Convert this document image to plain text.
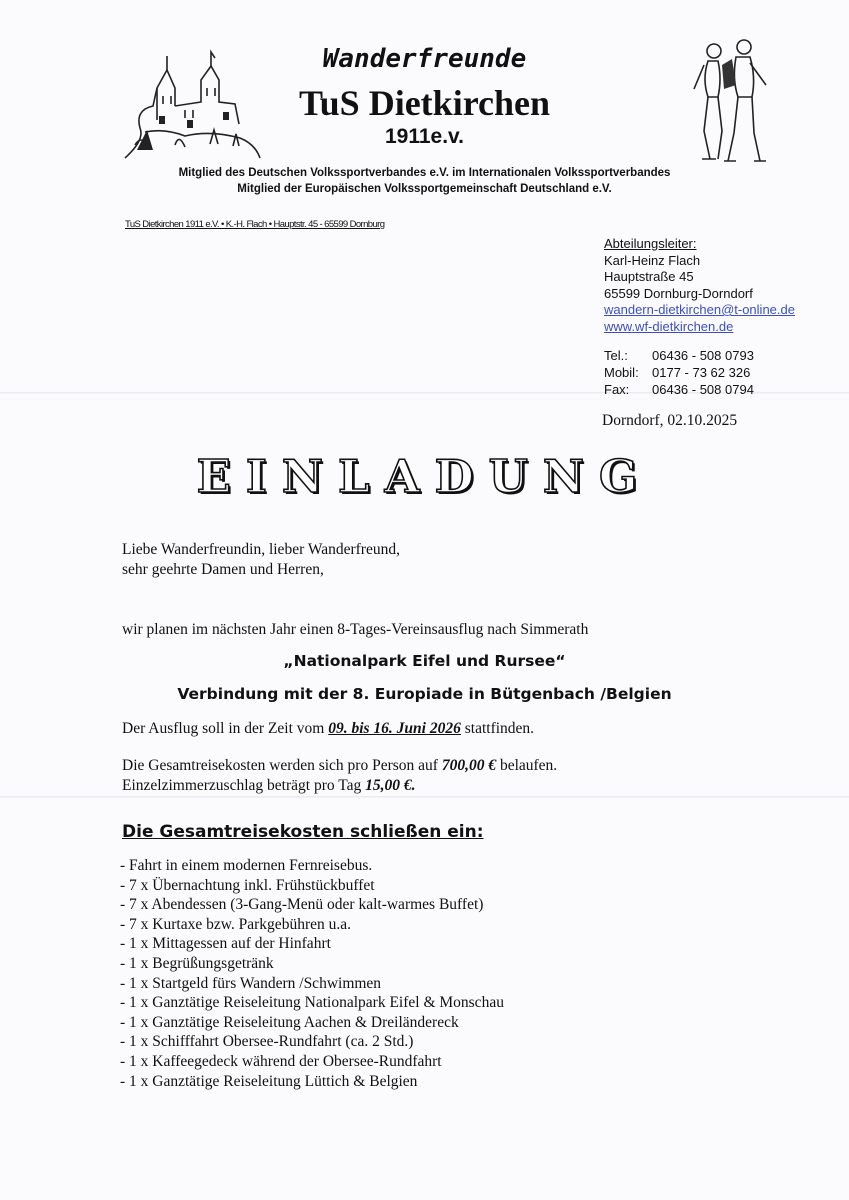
Wanderfreunde
TuS Dietkirchen
1911e.v.
Mitglied des Deutschen Volkssportverbandes e.V. im Internationalen Volkssportverbandes
Mitglied der Europäischen Volkssportgemeinschaft Deutschland e.V.
TuS Dietkirchen 1911 e.V. • K.-H. Flach • Hauptstr. 45 - 65599 Dornburg
Abteilungsleiter:
Karl-Heinz Flach
Hauptstraße 45
65599 Dornburg-Dorndorf
wandern-dietkirchen@t-online.de
www.wf-dietkirchen.de
Tel.: 06436 - 508 0793
Mobil: 0177 - 73 62 326
Fax: 06436 - 508 0794
Dorndorf, 02.10.2025
EINLADUNG
Liebe Wanderfreundin, lieber Wanderfreund,
sehr geehrte Damen und Herren,
wir planen im nächsten Jahr einen 8-Tages-Vereinsausflug nach Simmerath
„Nationalpark Eifel und Rursee“
Verbindung mit der 8. Europiade in Bütgenbach /Belgien
Der Ausflug soll in der Zeit vom 09. bis 16. Juni 2026 stattfinden.
Die Gesamtreisekosten werden sich pro Person auf 700,00 € belaufen.
Einzelzimmerzuschlag beträgt pro Tag 15,00 €.
Die Gesamtreisekosten schließen ein:
- Fahrt in einem modernen Fernreisebus.
- 7 x Übernachtung inkl. Frühstückbuffet
- 7 x Abendessen (3-Gang-Menü oder kalt-warmes Buffet)
- 7 x Kurtaxe bzw. Parkgebühren u.a.
- 1 x Mittagessen auf der Hinfahrt
- 1 x Begrüßungsgetränk
- 1 x Startgeld fürs Wandern /Schwimmen
- 1 x Ganztätige Reiseleitung Nationalpark Eifel & Monschau
- 1 x Ganztätige Reiseleitung Aachen & Dreiländereck
- 1 x Schifffahrt Obersee-Rundfahrt (ca. 2 Std.)
- 1 x Kaffeegedeck während der Obersee-Rundfahrt
- 1 x Ganztätige Reiseleitung Lüttich & Belgien
